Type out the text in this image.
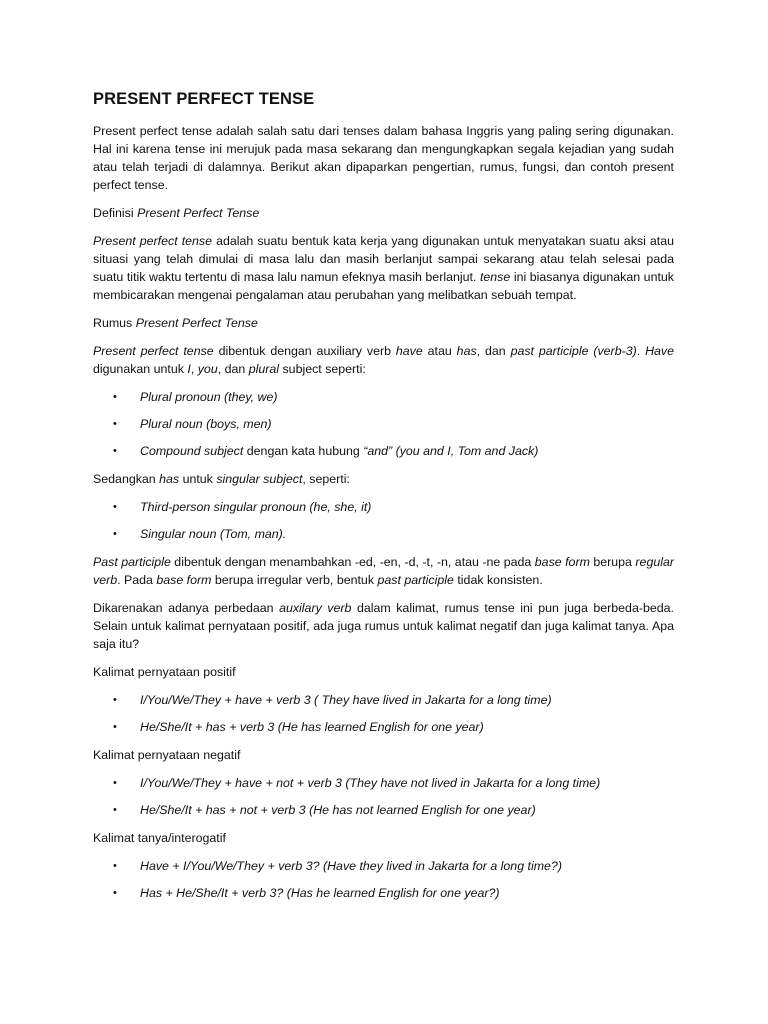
PRESENT PERFECT TENSE

Present perfect tense adalah salah satu dari tenses dalam bahasa Inggris yang paling sering digunakan. Hal ini karena tense ini merujuk pada masa sekarang dan mengungkapkan segala kejadian yang sudah atau telah terjadi di dalamnya. Berikut akan dipaparkan pengertian, rumus, fungsi, dan contoh present perfect tense.

Definisi Present Perfect Tense

Present perfect tense adalah suatu bentuk kata kerja yang digunakan untuk menyatakan suatu aksi atau situasi yang telah dimulai di masa lalu dan masih berlanjut sampai sekarang atau telah selesai pada suatu titik waktu tertentu di masa lalu namun efeknya masih berlanjut. tense ini biasanya digunakan untuk membicarakan mengenai pengalaman atau perubahan yang melibatkan sebuah tempat.

Rumus Present Perfect Tense

Present perfect tense dibentuk dengan auxiliary verb have atau has, dan past participle (verb-3). Have digunakan untuk I, you, dan plural subject seperti:

• Plural pronoun (they, we)
• Plural noun (boys, men)
• Compound subject dengan kata hubung “and” (you and I, Tom and Jack)
Sedangkan has untuk singular subject, seperti:
• Third-person singular pronoun (he, she, it)
• Singular noun (Tom, man).

Past participle dibentuk dengan menambahkan -ed, -en, -d, -t, -n, atau -ne pada base form berupa regular verb. Pada base form berupa irregular verb, bentuk past participle tidak konsisten.

Dikarenakan adanya perbedaan auxilary verb dalam kalimat, rumus tense ini pun juga berbeda-beda. Selain untuk kalimat pernyataan positif, ada juga rumus untuk kalimat negatif dan juga kalimat tanya. Apa saja itu?

Kalimat pernyataan positif
• I/You/We/They + have + verb 3 ( They have lived in Jakarta for a long time)
• He/She/It + has + verb 3 (He has learned English for one year)
Kalimat pernyataan negatif
• I/You/We/They + have + not + verb 3 (They have not lived in Jakarta for a long time)
• He/She/It + has + not + verb 3 (He has not learned English for one year)
Kalimat tanya/interogatif
• Have + I/You/We/They + verb 3? (Have they lived in Jakarta for a long time?)
• Has + He/She/It + verb 3? (Has he learned English for one year?)
